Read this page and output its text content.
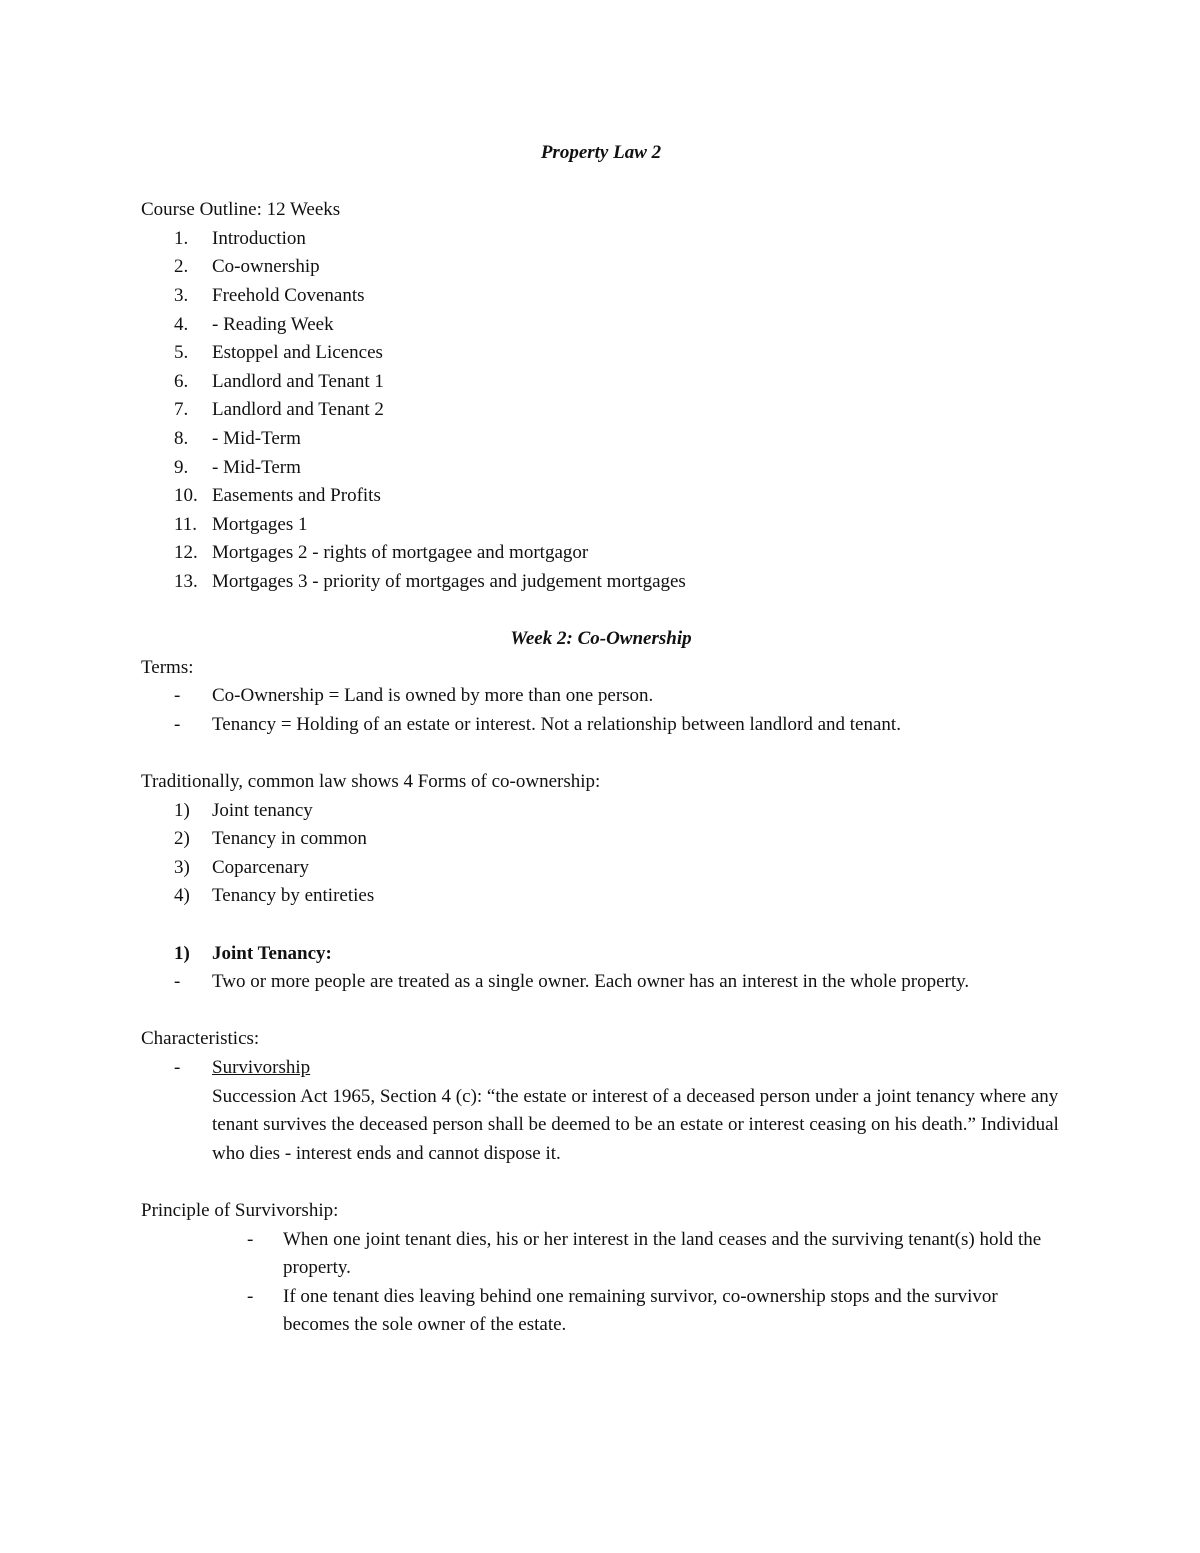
Property Law 2

Course Outline: 12 Weeks

1. Introduction
2. Co-ownership
3. Freehold Covenants
4. - Reading Week
5. Estoppel and Licences
6. Landlord and Tenant 1
7. Landlord and Tenant 2
8. - Mid-Term
9. - Mid-Term
10. Easements and Profits
11. Mortgages 1
12. Mortgages 2 - rights of mortgagee and mortgagor
13. Mortgages 3 - priority of mortgages and judgement mortgages

Week 2: Co-Ownership

Terms:

- Co-Ownership = Land is owned by more than one person.
- Tenancy = Holding of an estate or interest. Not a relationship between landlord and tenant.

Traditionally, common law shows 4 Forms of co-ownership:

1) Joint tenancy
2) Tenancy in common
3) Coparcenary
4) Tenancy by entireties
1) Joint Tenancy:
- Two or more people are treated as a single owner. Each owner has an interest in the whole property.

Characteristics:

- Survivorship
Succession Act 1965, Section 4 (c): “the estate or interest of a deceased person under a joint tenancy where any tenant survives the deceased person shall be deemed to be an estate or interest ceasing on his death.” Individual who dies - interest ends and cannot dispose it.

Principle of Survivorship:

- When one joint tenant dies, his or her interest in the land ceases and the surviving tenant(s) hold the property.
- If one tenant dies leaving behind one remaining survivor, co-ownership stops and the survivor becomes the sole owner of the estate.
